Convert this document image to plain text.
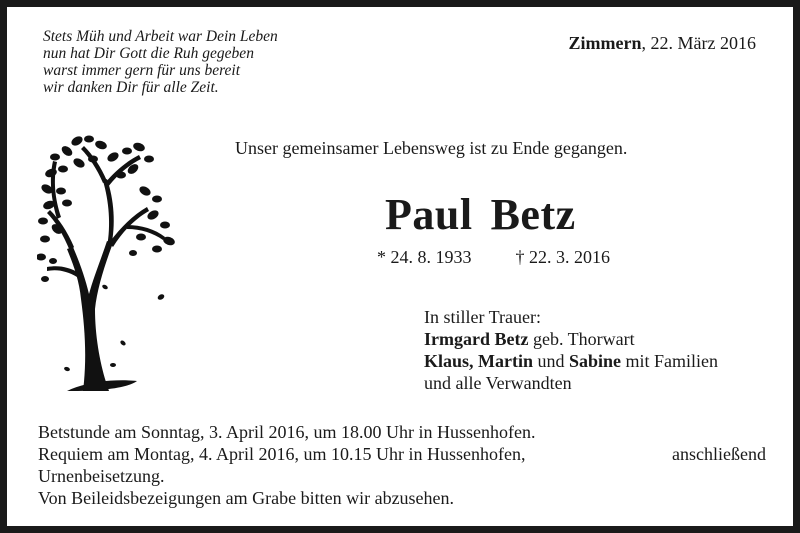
Stets Müh und Arbeit war Dein Leben
nun hat Dir Gott die Ruh gegeben
warst immer gern für uns bereit
wir danken Dir für alle Zeit.
Zimmern, 22. März 2016
Unser gemeinsamer Lebensweg ist zu Ende gegangen.
Paul Betz
* 24. 8. 1933 † 22. 3. 2016
In stiller Trauer:
Irmgard Betz geb. Thorwart
Klaus, Martin und Sabine mit Familien
und alle Verwandten
Betstunde am Sonntag, 3. April 2016, um 18.00 Uhr in Hussenhofen.
Requiem am Montag, 4. April 2016, um 10.15 Uhr in Hussenhofen,	anschließend
Urnenbeisetzung.
Von Beileidsbezeigungen am Grabe bitten wir abzusehen.
